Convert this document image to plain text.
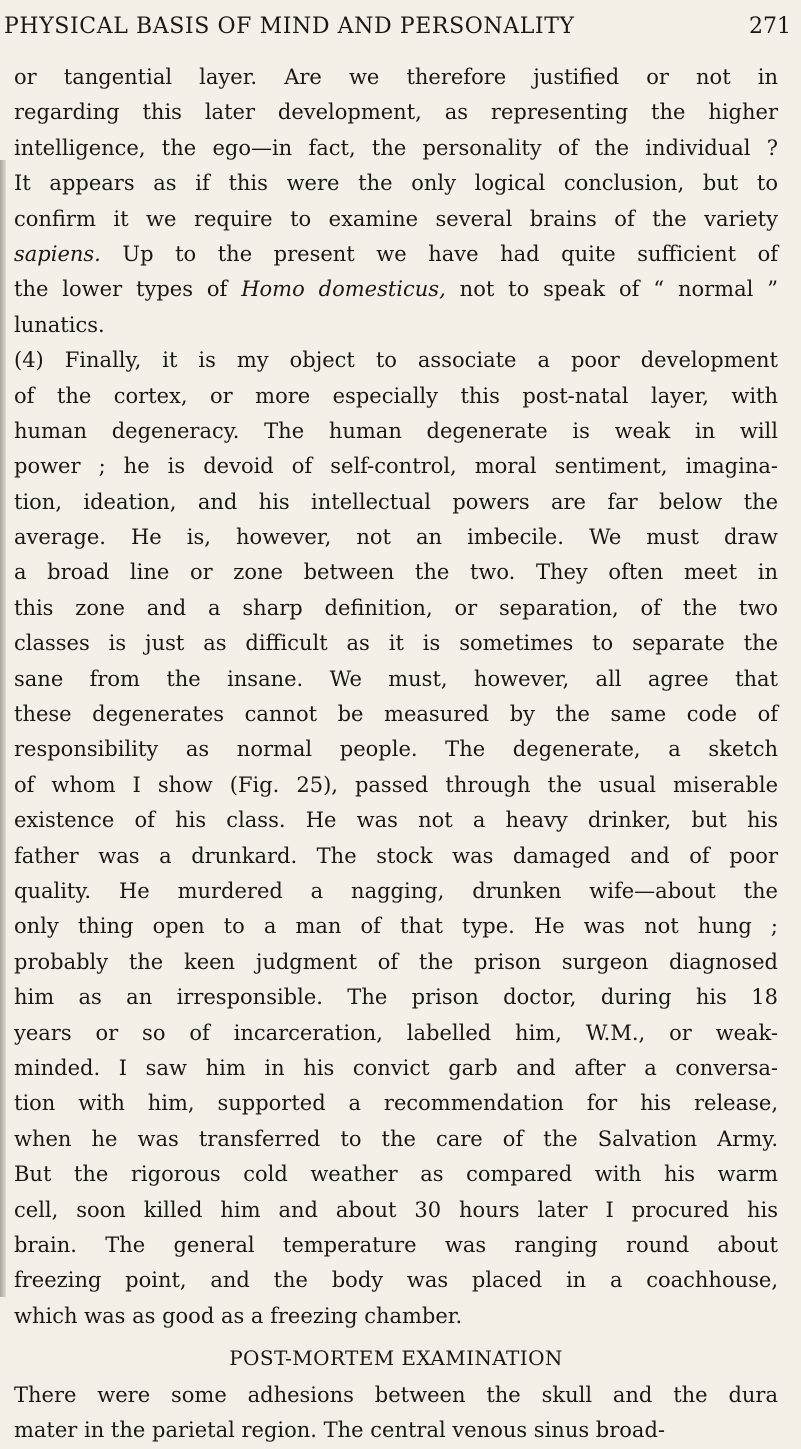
PHYSICAL BASIS OF MIND AND PERSONALITY	271
or tangential layer. Are we therefore justified or not in
regarding this later development, as representing the higher
intelligence, the ego—in fact, the personality of the individual ?
It appears as if this were the only logical conclusion, but to
confirm it we require to examine several brains of the variety
sapiens. Up to the present we have had quite sufficient of
the lower types of Homo domesticus, not to speak of “ normal ”
lunatics.
(4) Finally, it is my object to associate a poor development
of the cortex, or more especially this post-natal layer, with
human degeneracy. The human degenerate is weak in will
power ; he is devoid of self-control, moral sentiment, imagina-
tion, ideation, and his intellectual powers are far below the
average. He is, however, not an imbecile. We must draw
a broad line or zone between the two. They often meet in
this zone and a sharp definition, or separation, of the two
classes is just as difficult as it is sometimes to separate the
sane from the insane. We must, however, all agree that
these degenerates cannot be measured by the same code of
responsibility as normal people. The degenerate, a sketch
of whom I show (Fig. 25), passed through the usual miserable
existence of his class. He was not a heavy drinker, but his
father was a drunkard. The stock was damaged and of poor
quality. He murdered a nagging, drunken wife—about the
only thing open to a man of that type. He was not hung ;
probably the keen judgment of the prison surgeon diagnosed
him as an irresponsible. The prison doctor, during his 18
years or so of incarceration, labelled him, W.M., or weak-
minded. I saw him in his convict garb and after a conversa-
tion with him, supported a recommendation for his release,
when he was transferred to the care of the Salvation Army.
But the rigorous cold weather as compared with his warm
cell, soon killed him and about 30 hours later I procured his
brain. The general temperature was ranging round about
freezing point, and the body was placed in a coachhouse,
which was as good as a freezing chamber.
POST-MORTEM EXAMINATION
There were some adhesions between the skull and the dura
mater in the parietal region. The central venous sinus broad-
